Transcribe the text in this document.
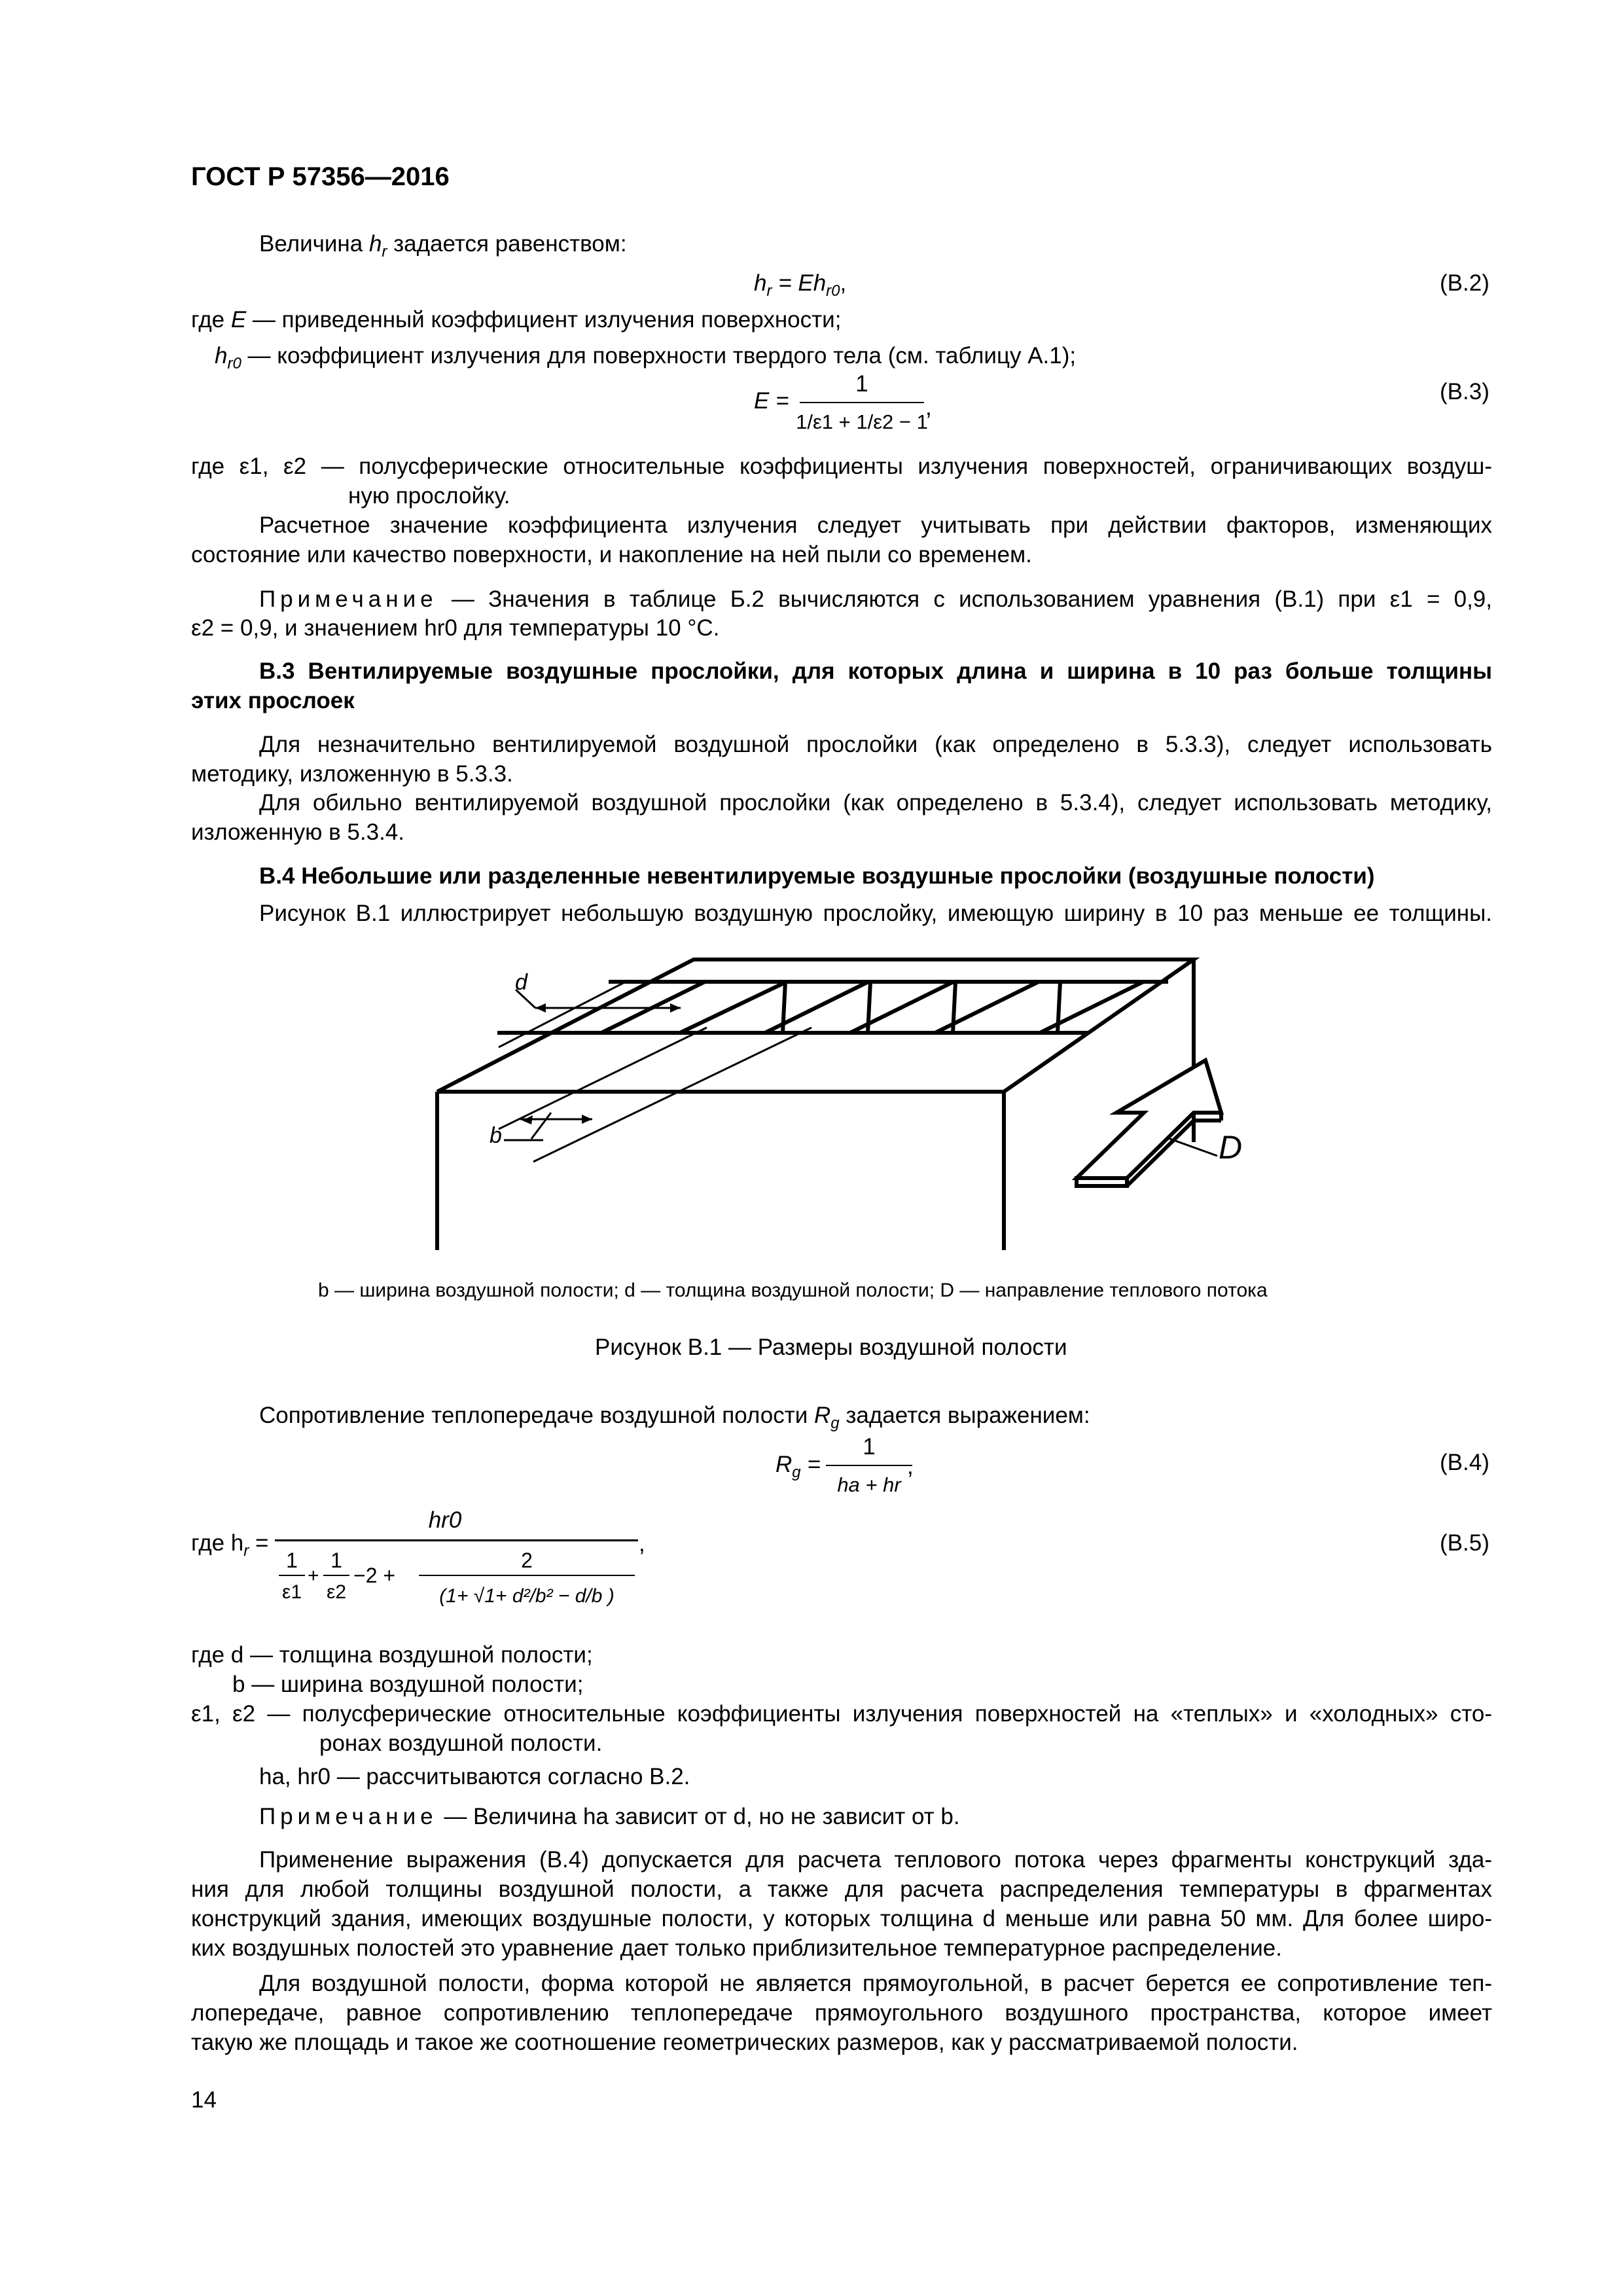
ГОСТ Р 57356—2016
Величина $h_r$ задается равенством:
$h_r = Eh_{r0}$,	(В.2)
где E — приведенный коэффициент излучения поверхности;
$h_{r0}$ — коэффициент излучения для поверхности твердого тела (см. таблицу А.1);
E =
1
1/ε1 + 1/ε2 − 1
,
(В.3)
где ε1, ε2 — полусферические относительные коэффициенты излучения поверхностей, ограничивающих воздуш-
ную прослойку.
Расчетное значение коэффициента излучения следует учитывать при действии факторов, изменяющих
состояние или качество поверхности, и накопление на ней пыли со временем.
Примечание — Значения в таблице Б.2 вычисляются с использованием уравнения (В.1) при ε1 = 0,9,
ε2 = 0,9, и значением hr0 для температуры 10 °С.
В.3 Вентилируемые воздушные прослойки, для которых длина и ширина в 10 раз больше толщины
этих прослоек
Для незначительно вентилируемой воздушной прослойки (как определено в 5.3.3), следует использовать
методику, изложенную в 5.3.3.
Для обильно вентилируемой воздушной прослойки (как определено в 5.3.4), следует использовать методику,
изложенную в 5.3.4.
В.4 Небольшие или разделенные невентилируемые воздушные прослойки (воздушные полости)
Рисунок В.1 иллюстрирует небольшую воздушную прослойку, имеющую ширину в 10 раз меньше ее толщины.
d
b	D
b — ширина воздушной полости; d — толщина воздушной полости; D — направление теплового потока
Рисунок В.1 — Размеры воздушной полости
Сопротивление теплопередаче воздушной полости $R_g$ задается выражением:
$R_g$ =
1
ha + hr
,	(В.4)
где $h_r$ =
hr0
1
ε1
+
1
ε2
−2 +
2
(1+ √1+ d²/b² − d/b )
,	(В.5)
где d — толщина воздушной полости;
b — ширина воздушной полости;
ε1, ε2 — полусферические относительные коэффициенты излучения поверхностей на «теплых» и «холодных» сто-
ронах воздушной полости.
ha, hr0 — рассчитываются согласно В.2.
Примечание — Величина ha зависит от d, но не зависит от b.
Применение выражения (В.4) допускается для расчета теплового потока через фрагменты конструкций зда-
ния для любой толщины воздушной полости, а также для расчета распределения температуры в фрагментах
конструкций здания, имеющих воздушные полости, у которых толщина d меньше или равна 50 мм. Для более широ-
ких воздушных полостей это уравнение дает только приблизительное температурное распределение.
Для воздушной полости, форма которой не является прямоугольной, в расчет берется ее сопротивление теп-
лопередаче, равное сопротивлению теплопередаче прямоугольного воздушного пространства, которое имеет
такую же площадь и такое же соотношение геометрических размеров, как у рассматриваемой полости.
14
